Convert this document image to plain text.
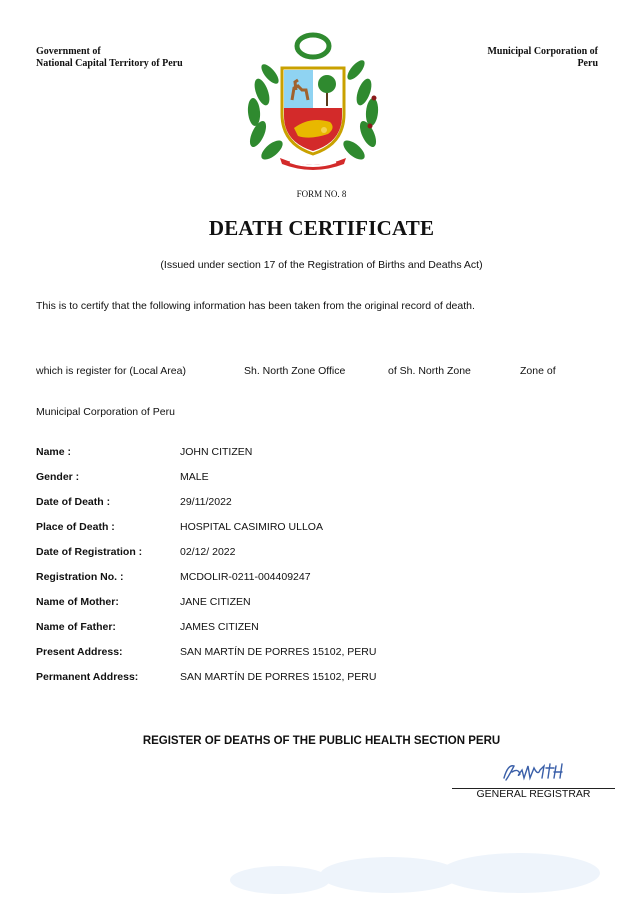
Government of
National Capital Territory of Peru
Municipal Corporation of
Peru
FORM NO. 8
DEATH CERTIFICATE
(Issued under section 17 of the Registration of Births and Deaths Act)
This is to certify that the following information has been taken from the original record of death.
which is register for (Local Area)	Sh. North Zone Office	of Sh. North Zone	Zone of
Municipal Corporation of Peru
Name :	JOHN CITIZEN
Gender :	MALE
Date of Death :	29/11/2022
Place of Death :	HOSPITAL CASIMIRO ULLOA
Date of Registration :	02/12/ 2022
Registration No. :	MCDOLIR-0211-004409247
Name of Mother:	JANE CITIZEN
Name of Father:	JAMES CITIZEN
Present Address:	SAN MARTÍN DE PORRES 15102, PERU
Permanent Address:	SAN MARTÍN DE PORRES 15102, PERU
REGISTER OF DEATHS OF THE PUBLIC HEALTH SECTION PERU
GENERAL REGISTRAR
